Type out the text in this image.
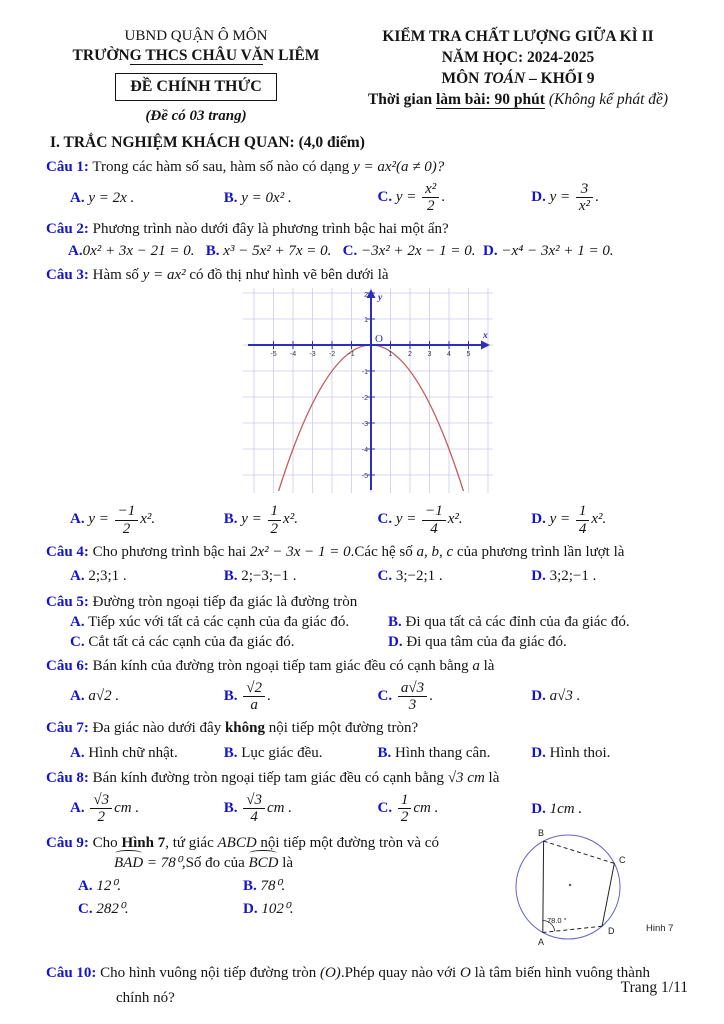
UBND QUẬN Ô MÔN
TRƯỜNG THCS CHÂU VĂN LIÊM
ĐỀ CHÍNH THỨC
(Đề có 03 trang)
KIỂM TRA CHẤT LƯỢNG GIỮA KÌ II
NĂM HỌC: 2024-2025
MÔN TOÁN – KHỐI 9
Thời gian làm bài: 90 phút (Không kể phát đề)
I. TRẮC NGHIỆM KHÁCH QUAN: (4,0 điểm)
Câu 1: Trong các hàm số sau, hàm số nào có dạng y = ax²(a ≠ 0)?
A. y = 2x .	B. y = 0x² .	C. $y = \frac{\text{x²}}{2}$ .	D. $y = \frac{3}{\text{x²}}$ .
Câu 2: Phương trình nào dưới đây là phương trình bậc hai một ẩn?
A.0x² + 3x − 21 = 0. B. x³ − 5x² + 7x = 0. C. −3x² + 2x − 1 = 0. D. −x⁴ − 3x² + 1 = 0.
Câu 3: Hàm số y = ax² có đồ thị như hình vẽ bên dưới là
-5 -4 -3 -2 -1	1 2 3 4 5
2
1
-1
-2
-3
-4
-5
O	x
y
A. $y = \frac{-1}{2} x^2$.	B. $y = \frac{1}{2} x^2$.	C. $y = \frac{-1}{4} x^2$.	D. $y = \frac{1}{4} x^2$.
Câu 4: Cho phương trình bậc hai 2x² − 3x − 1 = 0.Các hệ số a, b, c của phương trình lần lượt là
A. 2;3;1 .	B. 2;−3;−1 .	C. 3;−2;1 .	D. 3;2;−1 .
Câu 5: Đường tròn ngoại tiếp đa giác là đường tròn
A. Tiếp xúc với tất cả các cạnh của đa giác đó.	B. Đi qua tất cả các đỉnh của đa giác đó.
C. Cắt tất cả các cạnh của đa giác đó.	D. Đi qua tâm của đa giác đó.
Câu 6: Bán kính của đường tròn ngoại tiếp tam giác đều có cạnh bằng a là
A. a√2 .	B. $\frac{√2}{a}$ .	C. $\frac{a√3}{3}$ .	D. a√3 .
Câu 7: Đa giác nào dưới đây không nội tiếp một đường tròn?
A. Hình chữ nhật.	B. Lục giác đều.	B. Hình thang cân.	D. Hình thoi.
Câu 8: Bán kính đường tròn ngoại tiếp tam giác đều có cạnh bằng √3 cm là
A. $\frac{√3}{2}$ cm .	B. $\frac{√3}{4}$ cm .	C. $\frac{1}{2}$ cm .	D. 1cm .
Câu 9: Cho Hình 7, tứ giác ABCD nội tiếp một đường tròn và có
BAD = 78⁰,Số đo của BCD là
A. 12⁰.	B. 78⁰.
C. 282⁰.	D. 102⁰.
B
C
D
A
78.0 °
Hinh 7
Câu 10: Cho hình vuông nội tiếp đường tròn (O).Phép quay nào với O là tâm biến hình vuông thành
chính nó?
Trang 1/11
